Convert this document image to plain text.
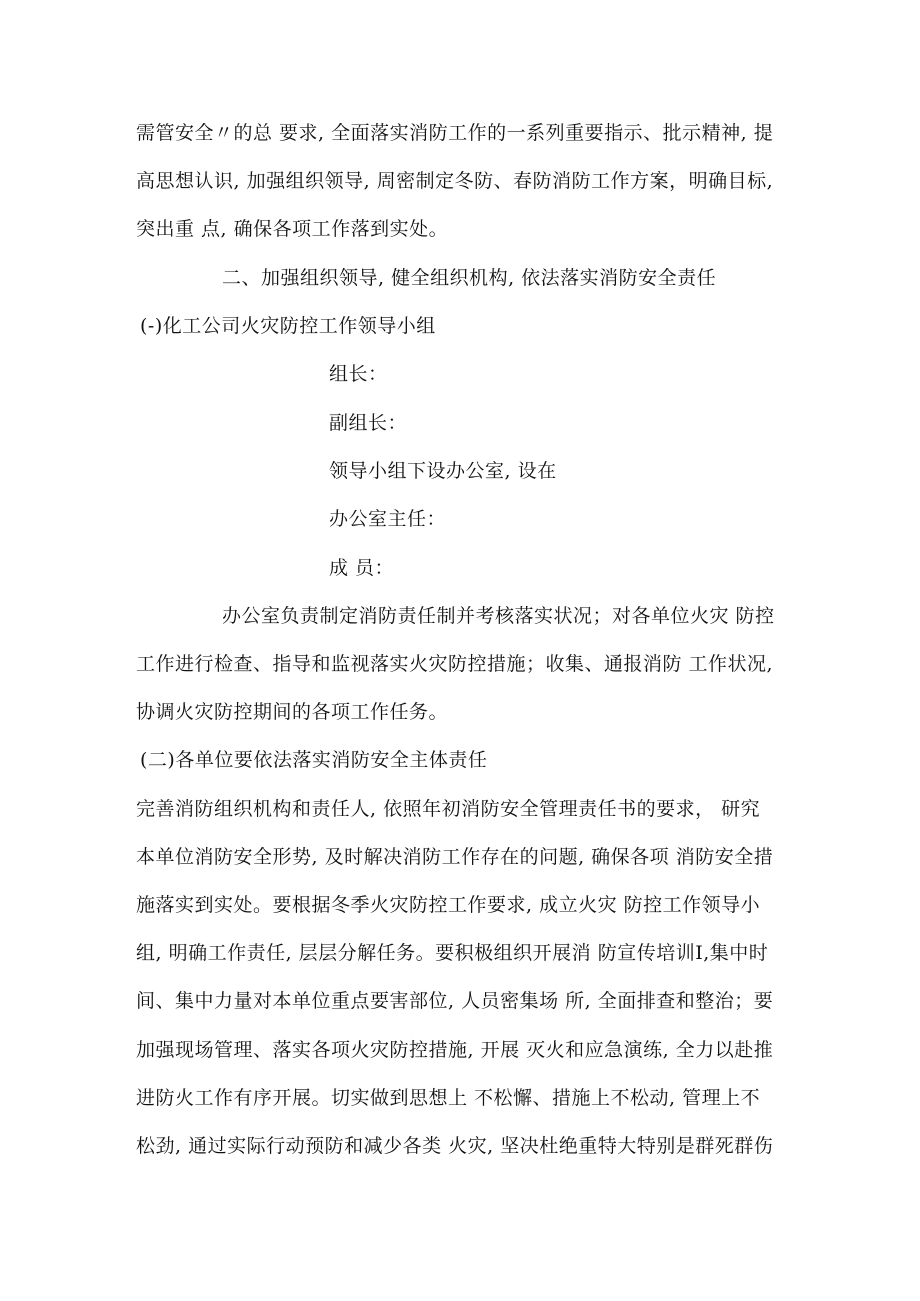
需管安全〃的总 要求, 全面落实消防工作的一系列重要指示、批示精神, 提
高思想认识, 加强组织领导, 周密制定冬防、春防消防工作方案，明确目标,
突出重 点, 确保各项工作落到实处。
二、加强组织领导, 健全组织机构, 依法落实消防安全责任
(-)化工公司火灾防控工作领导小组
组长：
副组长：
领导小组下设办公室, 设在
办公室主任：
成 员：
办公室负责制定消防责任制并考核落实状况；对各单位火灾 防控
工作进行检查、指导和监视落实火灾防控措施；收集、通报消防 工作状况,
协调火灾防控期间的各项工作任务。
(二)各单位要依法落实消防安全主体责任
完善消防组织机构和责任人, 依照年初消防安全管理责任书的要求， 研究
本单位消防安全形势, 及时解决消防工作存在的问题, 确保各项 消防安全措
施落实到实处。要根据冬季火灾防控工作要求, 成立火灾 防控工作领导小
组, 明确工作责任, 层层分解任务。要积极组织开展消 防宣传培训I,集中时
间、集中力量对本单位重点要害部位, 人员密集场 所, 全面排查和整治；要
加强现场管理、落实各项火灾防控措施, 开展 灭火和应急演练, 全力以赴推
进防火工作有序开展。切实做到思想上 不松懈、措施上不松动, 管理上不
松劲, 通过实际行动预防和减少各类 火灾, 坚决杜绝重特大特别是群死群伤
